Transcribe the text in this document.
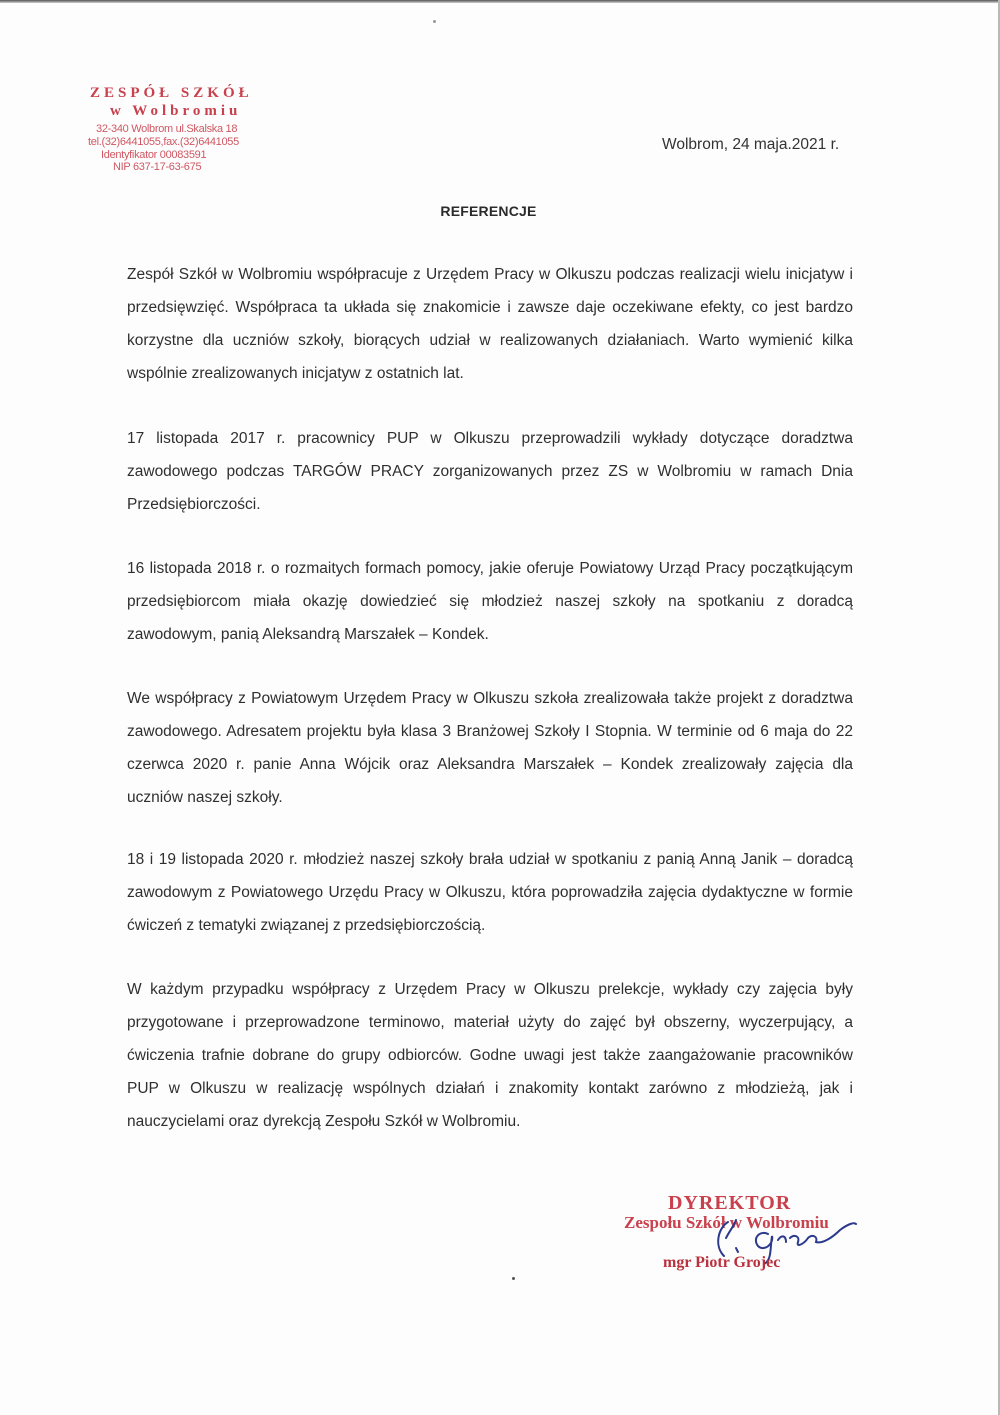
ZESPÓŁ SZKÓŁ
w Wolbromiu
32-340 Wolbrom ul.Skalska 18
tel.(32)6441055,fax.(32)6441055
Identyfikator 00083591
NIP 637-17-63-675
Wolbrom, 24 maja.2021 r.
REFERENCJE

Zespół Szkół w Wolbromiu współpracuje z Urzędem Pracy w Olkuszu podczas realizacji wielu inicjatyw i przedsięwzięć. Współpraca ta układa się znakomicie i zawsze daje oczekiwane efekty, co jest bardzo korzystne dla uczniów szkoły, biorących udział w realizowanych działaniach. Warto wymienić kilka wspólnie zrealizowanych inicjatyw z ostatnich lat.

17 listopada 2017 r. pracownicy PUP w Olkuszu przeprowadzili wykłady dotyczące doradztwa zawodowego podczas TARGÓW PRACY zorganizowanych przez ZS w Wolbromiu w ramach Dnia Przedsiębiorczości.

16 listopada 2018 r. o rozmaitych formach pomocy, jakie oferuje Powiatowy Urząd Pracy początkującym przedsiębiorcom miała okazję dowiedzieć się młodzież naszej szkoły na spotkaniu z doradcą zawodowym, panią Aleksandrą Marszałek – Kondek.

We współpracy z Powiatowym Urzędem Pracy w Olkuszu szkoła zrealizowała także projekt z doradztwa zawodowego. Adresatem projektu była klasa 3 Branżowej Szkoły I Stopnia. W terminie od 6 maja do 22 czerwca 2020 r. panie Anna Wójcik oraz Aleksandra Marszałek – Kondek zrealizowały zajęcia dla uczniów naszej szkoły.

18 i 19 listopada 2020 r. młodzież naszej szkoły brała udział w spotkaniu z panią Anną Janik – doradcą zawodowym z Powiatowego Urzędu Pracy w Olkuszu, która poprowadziła zajęcia dydaktyczne w formie ćwiczeń z tematyki związanej z przedsiębiorczością.

W każdym przypadku współpracy z Urzędem Pracy w Olkuszu prelekcje, wykłady czy zajęcia były przygotowane i przeprowadzone terminowo, materiał użyty do zajęć był obszerny, wyczerpujący, a ćwiczenia trafnie dobrane do grupy odbiorców. Godne uwagi jest także zaangażowanie pracowników PUP w Olkuszu w realizację wspólnych działań i znakomity kontakt zarówno z młodzieżą, jak i nauczycielami oraz dyrekcją Zespołu Szkół w Wolbromiu.

DYREKTOR
Zespołu Szkół w Wolbromiu
mgr Piotr Grojec
